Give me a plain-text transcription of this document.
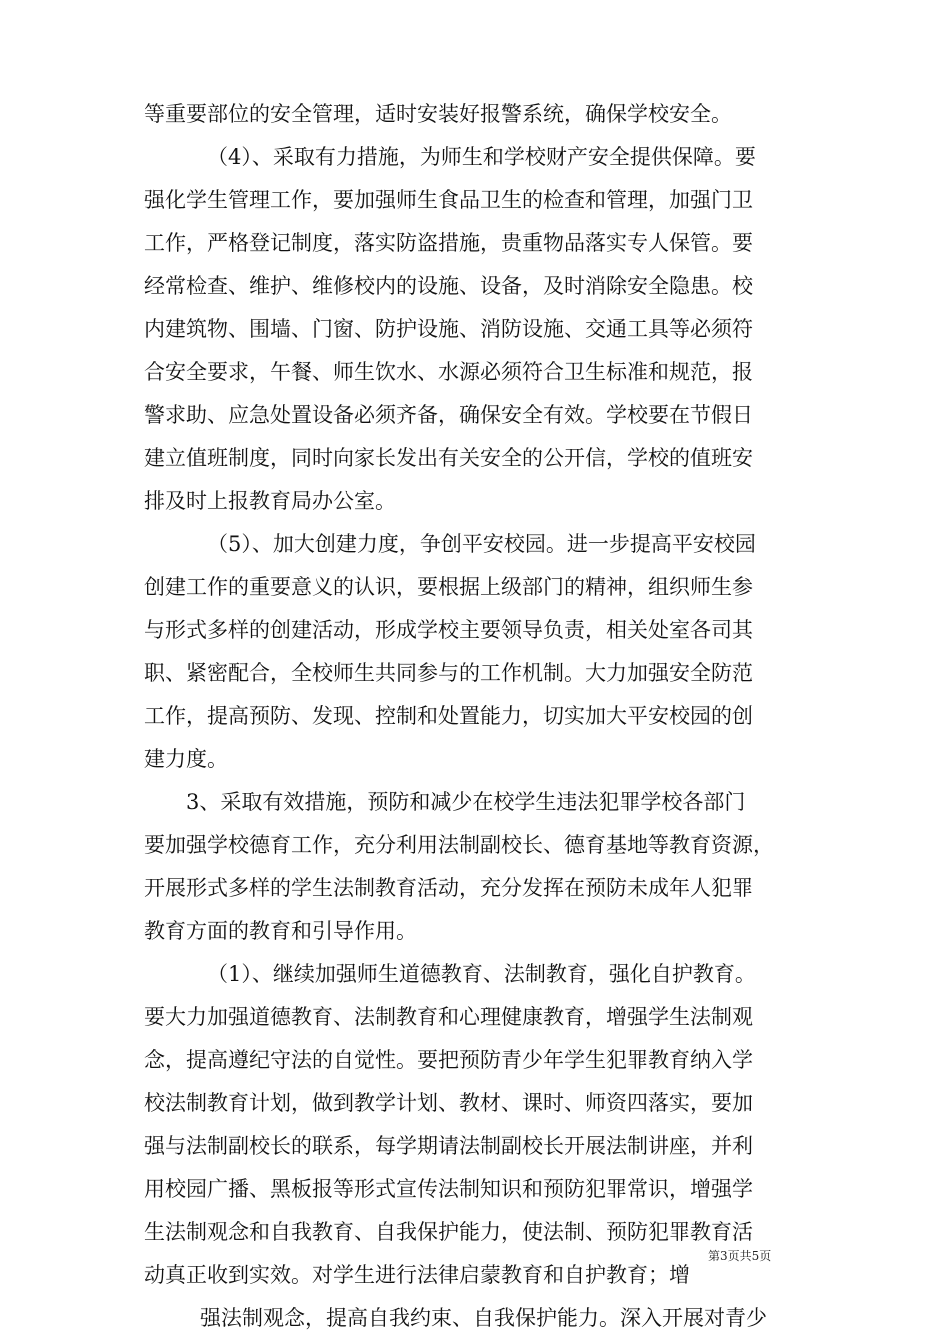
等重要部位的安全管理，适时安装好报警系统，确保学校安全。

（4）、采取有力措施，为师生和学校财产安全提供保障。要

强化学生管理工作，要加强师生食品卫生的检查和管理，加强门卫

工作，严格登记制度，落实防盗措施，贵重物品落实专人保管。要

经常检查、维护、维修校内的设施、设备，及时消除安全隐患。校

内建筑物、围墙、门窗、防护设施、消防设施、交通工具等必须符

合安全要求，午餐、师生饮水、水源必须符合卫生标准和规范，报

警求助、应急处置设备必须齐备，确保安全有效。学校要在节假日

建立值班制度，同时向家长发出有关安全的公开信，学校的值班安

排及时上报教育局办公室。

（5）、加大创建力度，争创平安校园。进一步提高平安校园

创建工作的重要意义的认识，要根据上级部门的精神，组织师生参

与形式多样的创建活动，形成学校主要领导负责，相关处室各司其

职、紧密配合，全校师生共同参与的工作机制。大力加强安全防范

工作，提高预防、发现、控制和处置能力，切实加大平安校园的创

建力度。

3、采取有效措施，预防和减少在校学生违法犯罪学校各部门

要加强学校德育工作，充分利用法制副校长、德育基地等教育资源，

开展形式多样的学生法制教育活动，充分发挥在预防未成年人犯罪

教育方面的教育和引导作用。

（1）、继续加强师生道德教育、法制教育，强化自护教育。

要大力加强道德教育、法制教育和心理健康教育，增强学生法制观

念，提高遵纪守法的自觉性。要把预防青少年学生犯罪教育纳入学

校法制教育计划，做到教学计划、教材、课时、师资四落实，要加

强与法制副校长的联系，每学期请法制副校长开展法制讲座，并利

用校园广播、黑板报等形式宣传法制知识和预防犯罪常识，增强学

生法制观念和自我教育、自我保护能力，使法制、预防犯罪教育活

动真正收到实效。对学生进行法律启蒙教育和自护教育；增

强法制观念，提高自我约束、自我保护能力。深入开展对青少

第3页共5页
